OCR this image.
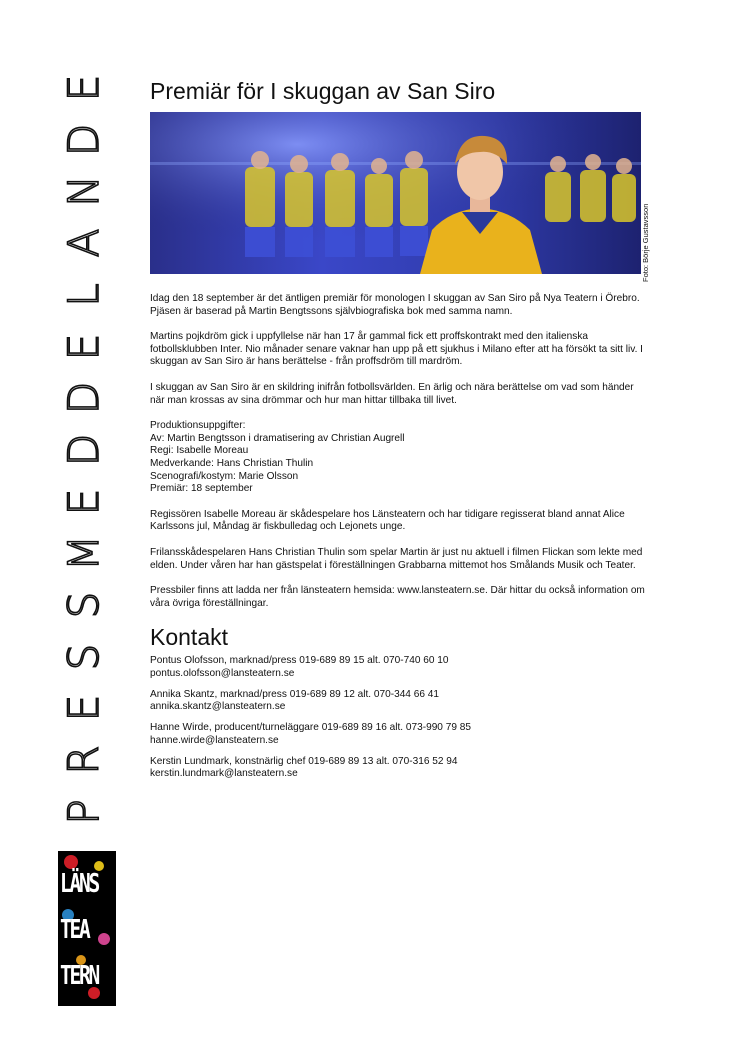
E
D
N
A
L
E
D
D
E
M
S
S
E
R
P
LÄNS
TEA
TERN
Foto: Börje Gustavsson
Premiär för I skuggan av San Siro

Idag den 18 september är det äntligen premiär för monologen I skuggan av San Siro på Nya Teatern i Örebro. Pjäsen är baserad på Martin Bengtssons självbiografiska bok med samma namn.

Martins pojkdröm gick i uppfyllelse när han 17 år gammal fick ett proffskontrakt med den italienska fotbollsklubben Inter. Nio månader senare vaknar han upp på ett sjukhus i Milano efter att ha försökt ta sitt liv. I skuggan av San Siro är hans berättelse - från proffsdröm till mardröm.

I skuggan av San Siro är en skildring inifrån fotbollsvärlden. En ärlig och nära berättelse om vad som händer när man krossas av sina drömmar och hur man hittar tillbaka till livet.

Produktionsuppgifter:
Av: Martin Bengtsson i dramatisering av Christian Augrell
Regi: Isabelle Moreau
Medverkande: Hans Christian Thulin
Scenografi/kostym: Marie Olsson
Premiär: 18 september

Regissören Isabelle Moreau är skådespelare hos Länsteatern och har tidigare regisserat bland annat Alice Karlssons jul, Måndag är fiskbulledag och Lejonets unge.

Frilansskådespelaren Hans Christian Thulin som spelar Martin är just nu aktuell i filmen Flickan som lekte med elden. Under våren har han gästspelat i föreställningen Grabbarna mittemot hos Smålands Musik och Teater.

Pressbiler finns att ladda ner från länsteatern hemsida: www.lansteatern.se. Där hittar du också information om våra övriga föreställningar.

Kontakt
Pontus Olofsson, marknad/press 019-689 89 15 alt. 070-740 60 10
pontus.olofsson@lansteatern.se
Annika Skantz, marknad/press 019-689 89 12 alt. 070-344 66 41
annika.skantz@lansteatern.se
Hanne Wirde, producent/turneläggare 019-689 89 16 alt. 073-990 79 85
hanne.wirde@lansteatern.se
Kerstin Lundmark, konstnärlig chef 019-689 89 13 alt. 070-316 52 94
kerstin.lundmark@lansteatern.se
